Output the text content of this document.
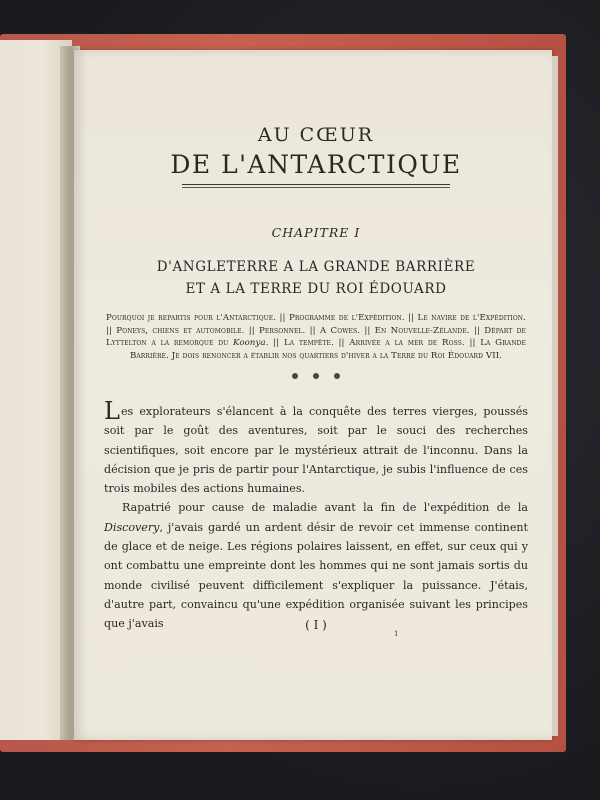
AU CŒUR
DE L'ANTARCTIQUE
CHAPITRE I
D'ANGLETERRE A LA GRANDE BARRIÈRE
ET A LA TERRE DU ROI ÉDOUARD
Pourquoi je repartis pour l'Antarctique. || Programme de l'Expédition. || Le navire de l'Expédition. || Poneys, chiens et automobile. || Personnel. || A Cowes. || En Nouvelle-Zélande. || Départ de Lyttelton a la remorque du Koonya. || La tempête. || Arrivée a la mer de Ross. || La Grande Barrière. Je dois renoncer a établir nos quartiers d'hiver a la Terre du Roi Édouard VII.

Les explorateurs s'élancent à la conquête des terres vierges, poussés soit par le goût des aventures, soit par le souci des recherches scientifiques, soit encore par le mystérieux attrait de l'inconnu. Dans la décision que je pris de partir pour l'Antarctique, je subis l'influence de ces trois mobiles des actions humaines.

Rapatrié pour cause de maladie avant la fin de l'expédition de la Discovery, j'avais gardé un ardent désir de revoir cet immense continent de glace et de neige. Les régions polaires laissent, en effet, sur ceux qui y ont combattu une empreinte dont les hommes qui ne sont jamais sortis du monde civilisé peuvent difficilement s'expliquer la puissance. J'étais, d'autre part, convaincu qu'une expédition organisée suivant les principes que j'avais	( I )
1
